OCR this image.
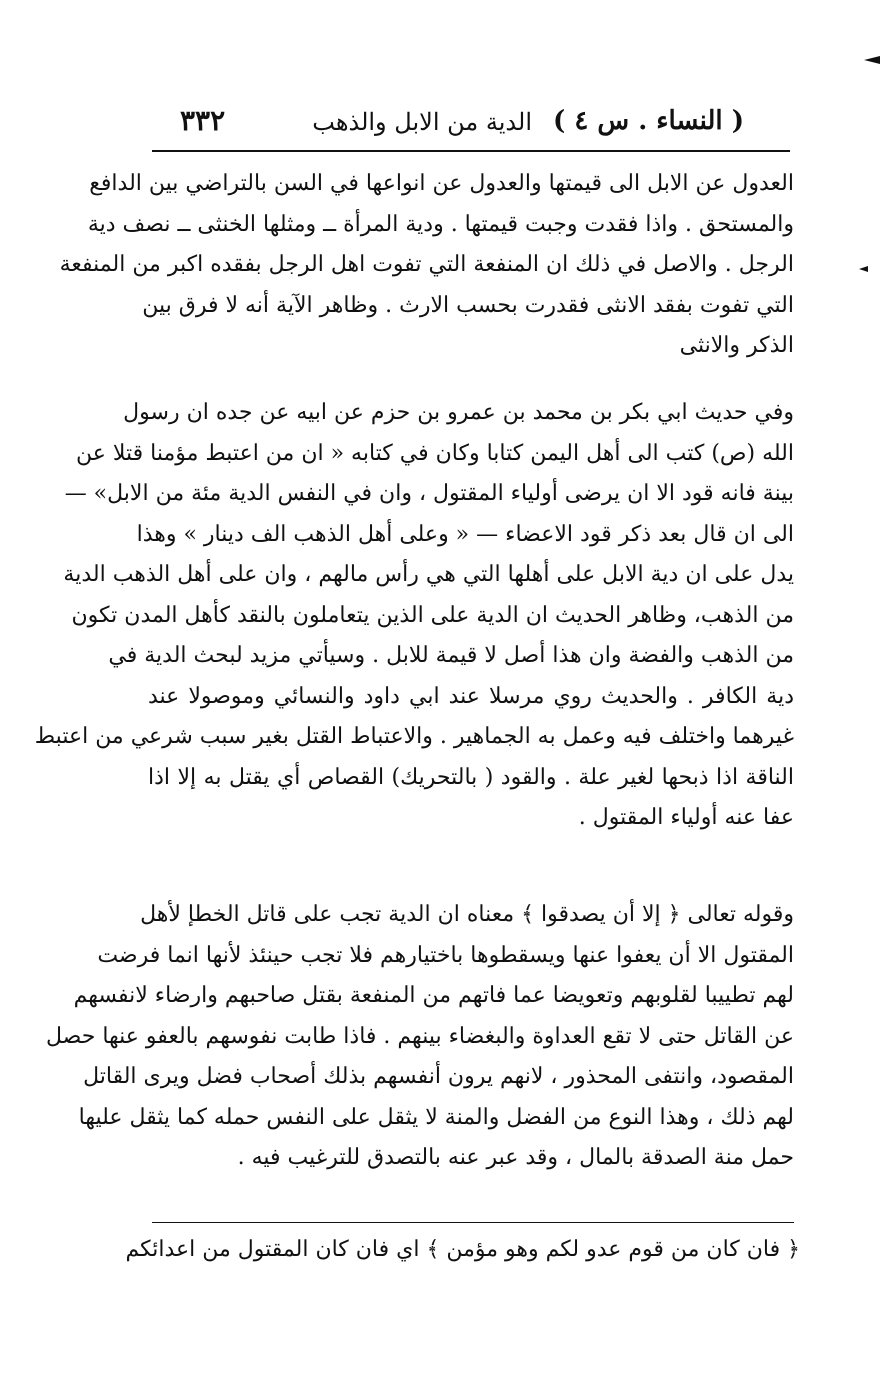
( النساء . س ٤ )
الدية من الابل والذهب
٣٣٢
العدول عن الابل الى قيمتها والعدول عن انواعها في السن بالتراضي بين الدافع
والمستحق . واذا فقدت وجبت قيمتها . ودية المرأة ــ ومثلها الخنثى ــ نصف دية
الرجل . والاصل في ذلك ان المنفعة التي تفوت اهل الرجل بفقده اكبر من المنفعة
التي تفوت بفقد الانثى فقدرت بحسب الارث . وظاهر الآية أنه لا فرق بين
الذكر والانثى
وفي حديث ابي بكر بن محمد بن عمرو بن حزم عن ابيه عن جده ان رسول
الله (ص) كتب الى أهل اليمن كتابا وكان في كتابه « ان من اعتبط مؤمنا قتلا عن
بينة فانه قود الا ان يرضى أولياء المقتول ، وان في النفس الدية مئة من الابل» —
الى ان قال بعد ذكر قود الاعضاء — « وعلى أهل الذهب الف دينار » وهذا
يدل على ان دية الابل على أهلها التي هي رأس مالهم ، وان على أهل الذهب الدية
من الذهب، وظاهر الحديث ان الدية على الذين يتعاملون بالنقد كأهل المدن تكون
من الذهب والفضة وان هذا أصل لا قيمة للابل . وسيأتي مزيد لبحث الدية في
دية الكافر . والحديث روي مرسلا عند ابي داود والنسائي وموصولا عند
غيرهما واختلف فيه وعمل به الجماهير . والاعتباط القتل بغير سبب شرعي من اعتبط
الناقة اذا ذبحها لغير علة . والقود ( بالتحريك) القصاص أي يقتل به إلا اذا
عفا عنه أولياء المقتول .
وقوله تعالى ﴿ إلا أن يصدقوا ﴾ معناه ان الدية تجب على قاتل الخطإ لأهل
المقتول الا أن يعفوا عنها ويسقطوها باختيارهم فلا تجب حينئذ لأنها انما فرضت
لهم تطييبا لقلوبهم وتعويضا عما فاتهم من المنفعة بقتل صاحبهم وارضاء لانفسهم
عن القاتل حتى لا تقع العداوة والبغضاء بينهم . فاذا طابت نفوسهم بالعفو عنها حصل
المقصود، وانتفى المحذور ، لانهم يرون أنفسهم بذلك أصحاب فضل ويرى القاتل
لهم ذلك ، وهذا النوع من الفضل والمنة لا يثقل على النفس حمله كما يثقل عليها
حمل منة الصدقة بالمال ، وقد عبر عنه بالتصدق للترغيب فيه .
﴿ فان كان من قوم عدو لكم وهو مؤمن ﴾ اي فان كان المقتول من اعدائكم
